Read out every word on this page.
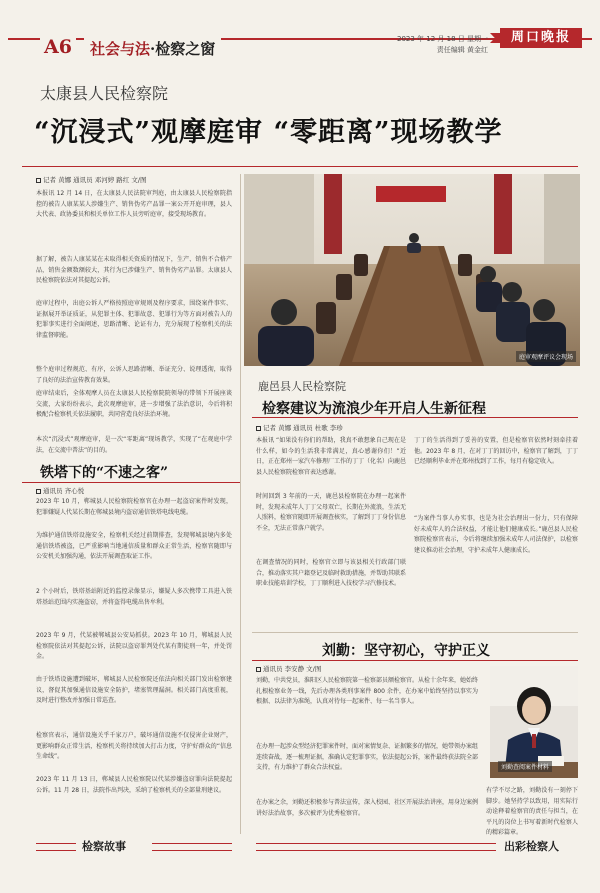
A6	社会与法·检察之窗
2023 年 12 月 18 日 星期一
责任编辑 黄金红
周口晚报
太康县人民检察院
“沉浸式”观摩庭审 “零距离”现场教学
记者 黄娜 通讯员 邓河婷 路红 文/图
本报讯 12 月 14 日，在太康县人民法院审判庭，由太康县人民检察院指控的被告人康某某人涉嫌生产、销售伪劣产品罪一案公开开庭审理，县人大代表、政协委员和相关单位工作人员旁听庭审，接受现场教育。
据了解，被告人康某某在未取得相关资质的情况下，生产、销售不合格产品，销售金额数额较大，其行为已涉嫌生产、销售伪劣产品罪。太康县人民检察院依法对其提起公诉。
庭审过程中，出庭公诉人严格按照庭审规则及程序要求，围绕案件事实、证据展开举证质证，从犯罪主体、犯罪故意、犯罪行为等方面对被告人的犯罪事实进行全面阐述，思路清晰、论证有力，充分展现了检察机关的法律监督职能。
整个庭审过程规范、有序，公诉人思路清晰、举证充分、说理透彻，取得了良好的法治宣传教育效果。
庭审结束后，全体观摩人员在太康县人民检察院院领导的带领下开展座谈交流，大家纷纷表示，此次观摩庭审，进一步增强了法治意识，今后将积极配合检察机关依法履职，共同营造良好法治环境。
本次“沉浸式”观摩庭审，是一次“零距离”现场教学，实现了“在观庭中学法，在交流中普法”的目的。
庭审观摩评议会现场
铁塔下的“不速之客”
通讯员 齐心悦
2023 年 10 月，郸城县人民检察院检察官在办理一起盗窃案件时发现，犯罪嫌疑人代某长期在郸城县境内盗窃通信铁塔电线电缆。
为维护通信铁塔设施安全，检察机关经过前期排查，发现郸城县境内多处通信铁塔被盗，已严重影响当地通信质量和群众正常生活，检察官随即与公安机关加强沟通，依法开展调查取证工作。
2 个小时后，铁塔基站附近的监控录像显示，嫌疑人多次携带工具进入铁塔基站范围内实施盗窃，并将盗得电缆出售牟利。
2023 年 9 月，代某被郸城县公安局抓获。2023 年 10 月，郸城县人民检察院依法对其提起公诉，法院以盗窃罪判处代某有期徒刑一年，并处罚金。
由于铁塔设施遭到破坏，郸城县人民检察院还依法向相关部门发出检察建议，督促其加强通信设施安全防护，堵塞管理漏洞。相关部门高度重视，及时进行整改并加强日常巡查。
检察官表示，通信设施关乎千家万户，破坏通信设施不仅侵害企业财产，更影响群众正常生活，检察机关将持续加大打击力度，守护好群众的“信息生命线”。
2023 年 11 月 13 日，郸城县人民检察院以代某涉嫌盗窃罪向法院提起公诉。11 月 28 日，法院作出判决，采纳了检察机关的全部量刑建议。
鹿邑县人民检察院
检察建议为流浪少年开启人生新征程
记者 黄娜 通讯员 杜歌 李珍
本报讯 “如果没有你们的帮助，我真不敢想象自己现在是什么样，如今的生活我非常满足，真心感谢你们！”近日，正在郑州一家汽车修理厂工作的丁丁（化名）向鹿邑县人民检察院检察官表达感谢。
时间回到 3 年前的一天，鹿邑县检察院在办理一起案件时，发现未成年人丁丁父母双亡，长期在外流浪，生活无人照料，检察官随即开展调查核实，了解到丁丁身份信息不全，无法正常落户就学。
在调查情况的同时，检察官立即与该县相关行政部门联合，推动落实其户籍登记及临时救助措施，并帮助其联系职业技能培训学校，丁丁顺利进入技校学习汽修技术。
丁丁的生活得到了妥善的安置，但是检察官依然时刻牵挂着他。2023 年 8 月，在对丁丁的回访中，检察官了解到，丁丁已经顺利毕业并在郑州找到了工作，每月有稳定收入。
“为案件当事人办实事，也是为社会治理出一份力，只有保障好未成年人的合法权益，才能让他们健康成长。”鹿邑县人民检察院检察官表示，今后将继续加强未成年人司法保护，以检察建议推动社会治理，守护未成年人健康成长。
刘勤：坚守初心，守护正义
通讯员 李安静 文/图
刘勤，中共党员，淮阳区人民检察院第一检察部员额检察官。从检十余年来，她始终扎根检察业务一线，先后办理各类刑事案件 800 余件，在办案中始终坚持以事实为根据、以法律为准绳，认真对待每一起案件、每一名当事人。
在办理一起涉众型经济犯罪案件时，面对案情复杂、证据繁多的情况，她带领办案组连续奋战，逐一梳理证据，准确认定犯罪事实，依法提起公诉，案件最终获法院全部支持，有力维护了群众合法权益。
在办案之余，刘勤还积极参与普法宣传，深入校园、社区开展法治讲座，用身边案例讲好法治故事，多次被评为优秀检察官。
刘勤查阅案件材料
有学不尽之路，刘勤没有一刻停下脚步。她坚持学以致用，用实际行动诠释着检察官的责任与担当，在平凡的岗位上书写着新时代检察人的精彩篇章。
检察故事	出彩检察人
